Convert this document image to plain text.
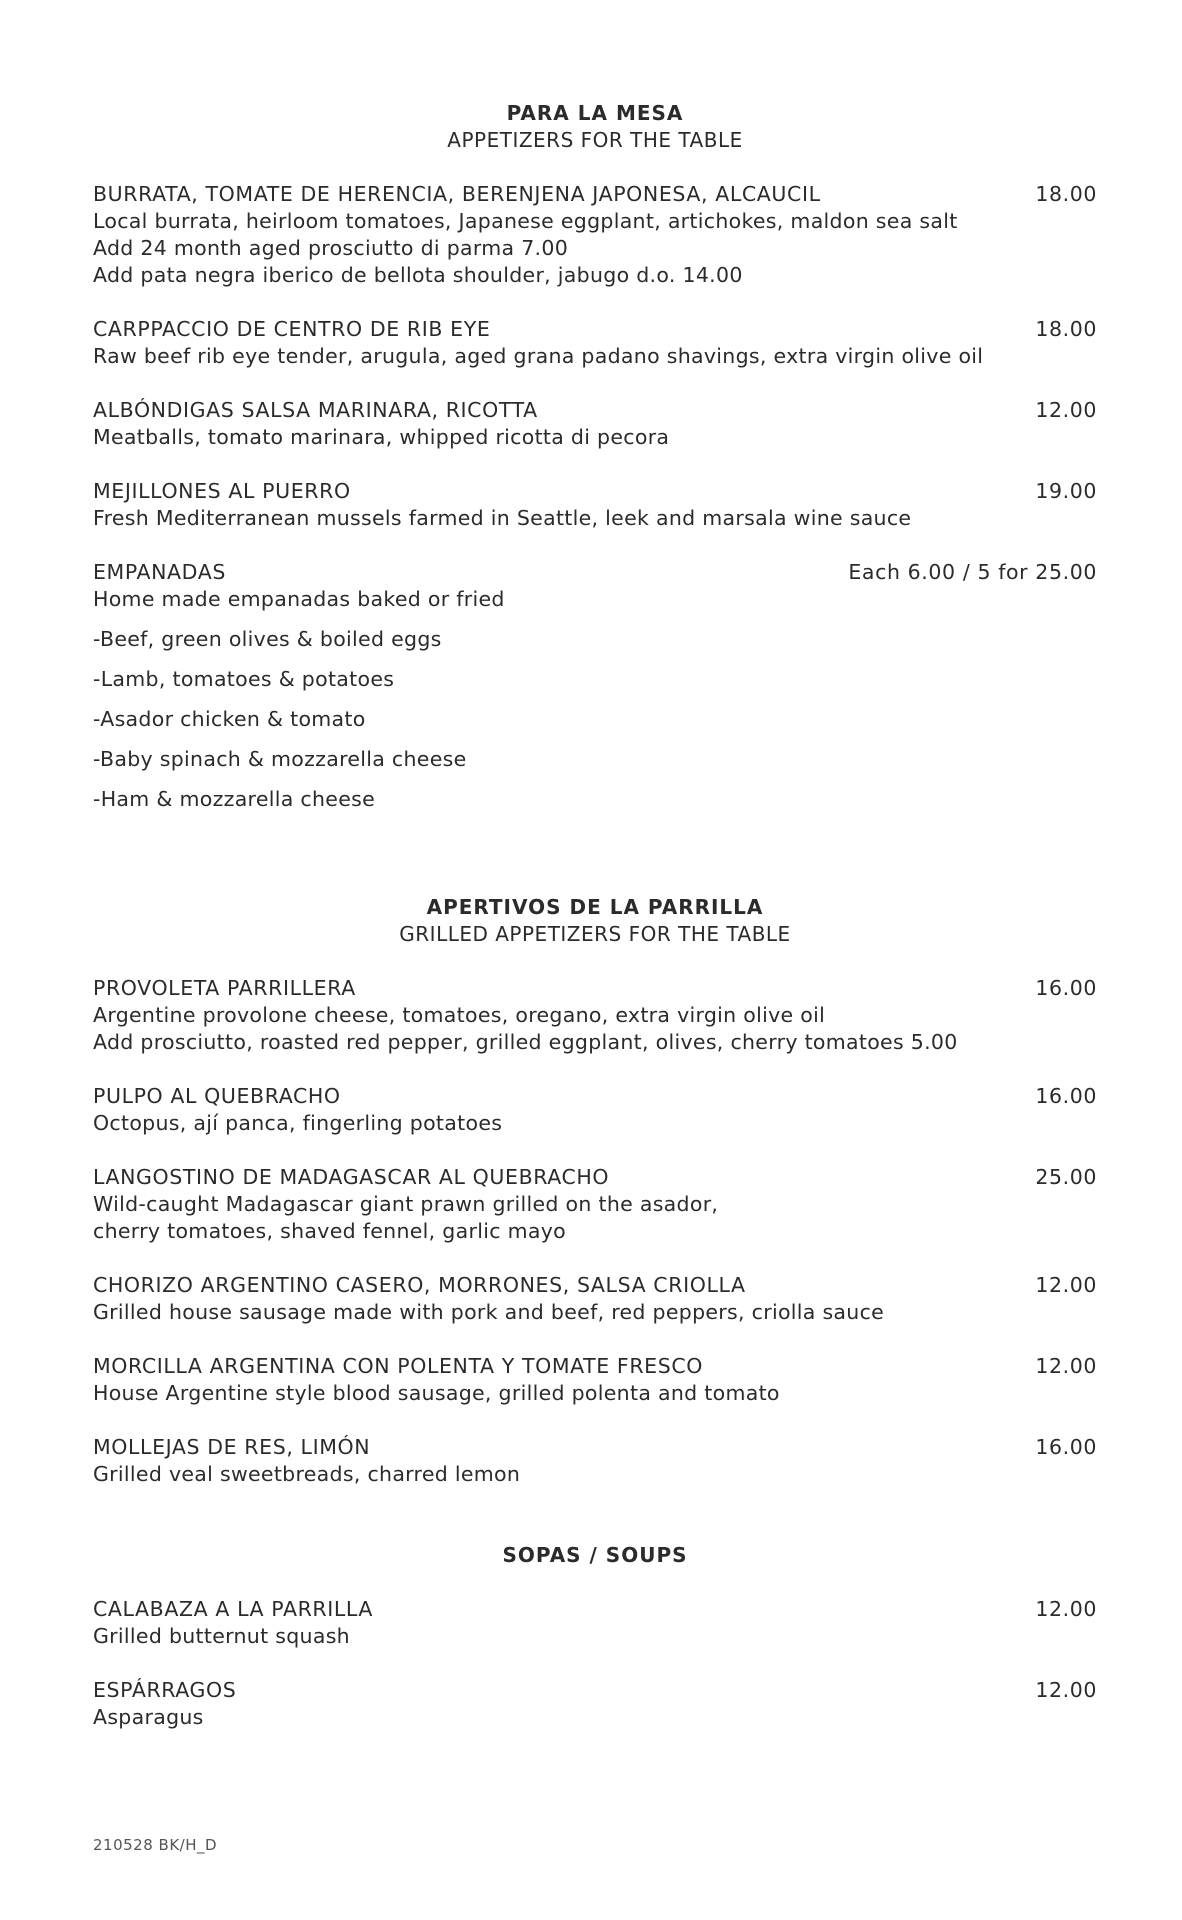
PARA LA MESA
APPETIZERS FOR THE TABLE
BURRATA, TOMATE DE HERENCIA, BERENJENA JAPONESA, ALCAUCIL	18.00
Local burrata, heirloom tomatoes, Japanese eggplant, artichokes, maldon sea salt
Add 24 month aged prosciutto di parma 7.00
Add pata negra iberico de bellota shoulder, jabugo d.o. 14.00
CARPPACCIO DE CENTRO DE RIB EYE	18.00
Raw beef rib eye tender, arugula, aged grana padano shavings, extra virgin olive oil
ALBÓNDIGAS SALSA MARINARA, RICOTTA	12.00
Meatballs, tomato marinara, whipped ricotta di pecora
MEJILLONES AL PUERRO	19.00
Fresh Mediterranean mussels farmed in Seattle, leek and marsala wine sauce
EMPANADAS	Each 6.00 / 5 for 25.00
Home made empanadas baked or fried
-Beef, green olives & boiled eggs
-Lamb, tomatoes & potatoes
-Asador chicken & tomato
-Baby spinach & mozzarella cheese
-Ham & mozzarella cheese
APERTIVOS DE LA PARRILLA
GRILLED APPETIZERS FOR THE TABLE
PROVOLETA PARRILLERA	16.00
Argentine provolone cheese, tomatoes, oregano, extra virgin olive oil
Add prosciutto, roasted red pepper, grilled eggplant, olives, cherry tomatoes 5.00
PULPO AL QUEBRACHO	16.00
Octopus, ají panca, fingerling potatoes
LANGOSTINO DE MADAGASCAR AL QUEBRACHO	25.00
Wild-caught Madagascar giant prawn grilled on the asador,
cherry tomatoes, shaved fennel, garlic mayo
CHORIZO ARGENTINO CASERO, MORRONES, SALSA CRIOLLA	12.00
Grilled house sausage made with pork and beef, red peppers, criolla sauce
MORCILLA ARGENTINA CON POLENTA Y TOMATE FRESCO	12.00
House Argentine style blood sausage, grilled polenta and tomato
MOLLEJAS DE RES, LIMÓN	16.00
Grilled veal sweetbreads, charred lemon
SOPAS / SOUPS
CALABAZA A LA PARRILLA	12.00
Grilled butternut squash
ESPÁRRAGOS	12.00
Asparagus
210528 BK/H_D
